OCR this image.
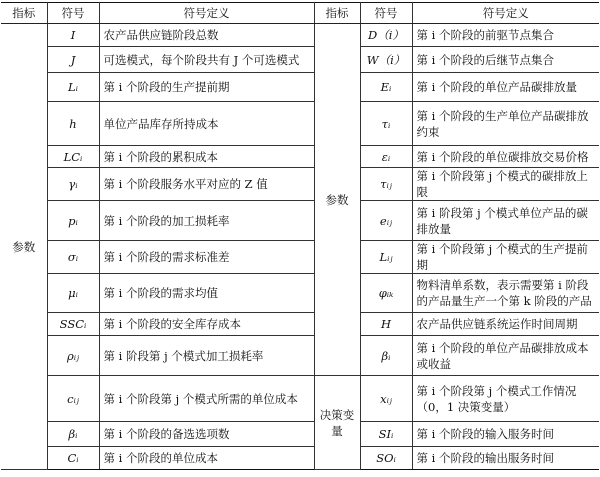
指标	符号	符号定义	指标	符号	符号定义
参数	I	农产品供应链阶段总数	参数	D（i）	第 i 个阶段的前驱节点集合
	J	可选模式，每个阶段共有 J 个可选模式		W（i）	第 i 个阶段的后继节点集合
	Lᵢ	第 i 个阶段的生产提前期		Eᵢ	第 i 个阶段的单位产品碳排放量
	h	单位产品库存所持成本		τᵢ	第 i 个阶段的生产单位产品碳排放约束
	LCᵢ	第 i 个阶段的累积成本		εᵢ	第 i 个阶段的单位碳排放交易价格
	γᵢ	第 i 个阶段服务水平对应的 Z 值		τᵢⱼ	第 i 个阶段第 j 个模式的碳排放上限
	pᵢ	第 i 个阶段的加工损耗率		eᵢⱼ	第 i 阶段第 j 个模式单位产品的碳排放量
	σᵢ	第 i 个阶段的需求标准差		Lᵢⱼ	第 i 个阶段第 j 个模式的生产提前期
	μᵢ	第 i 个阶段的需求均值		φᵢₖ	物料清单系数，表示需要第 i 阶段的产品量生产一个第 k 阶段的产品
	SSCᵢ	第 i 个阶段的安全库存成本		H	农产品供应链系统运作时间周期
	ρᵢⱼ	第 i 阶段第 j 个模式加工损耗率		βᵢ	第 i 个阶段的单位产品碳排放成本或收益
	cᵢⱼ	第 i 个阶段第 j 个模式所需的单位成本	决策变量	xᵢⱼ	第 i 个阶段第 j 个模式工作情况（0，1 决策变量）
	βᵢ	第 i 个阶段的备选选项数		SIᵢ	第 i 个阶段的输入服务时间
	Cᵢ	第 i 个阶段的单位成本		SOᵢ	第 i 个阶段的输出服务时间
